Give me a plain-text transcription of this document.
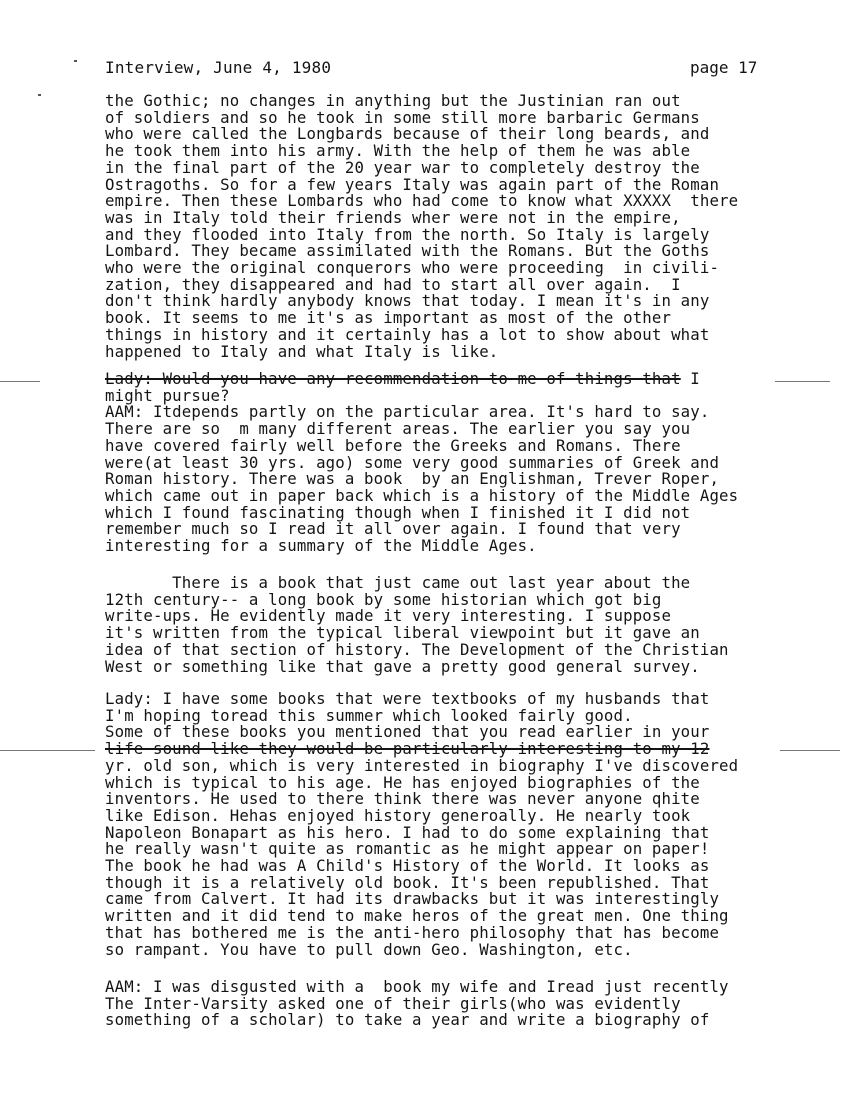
Interview, June 4, 1980	page 17
the Gothic; no changes in anything but the Justinian ran out
of soldiers and so he took in some still more barbaric Germans
who were called the Longbards because of their long beards, and
he took them into his army. With the help of them he was able
in the final part of the 20 year war to completely destroy the
Ostragoths. So for a few years Italy was again part of the Roman
empire. Then these Lombards who had come to know what XXXXX  there
was in Italy told their friends wher were not in the empire,
and they flooded into Italy from the north. So Italy is largely
Lombard. They became assimilated with the Romans. But the Goths
who were the original conquerors who were proceeding  in civili-
zation, they disappeared and had to start all over again.  I
don't think hardly anybody knows that today. I mean it's in any
book. It seems to me it's as important as most of the other
things in history and it certainly has a lot to show about what
happened to Italy and what Italy is like.
Lady: Would you have any recommendation to me of things that I
might pursue?
AAM: Itdepends partly on the particular area. It's hard to say.
There are so  m many different areas. The earlier you say you
have covered fairly well before the Greeks and Romans. There
were(at least 30 yrs. ago) some very good summaries of Greek and
Roman history. There was a book  by an Englishman, Trever Roper,
which came out in paper back which is a history of the Middle Ages
which I found fascinating though when I finished it I did not
remember much so I read it all over again. I found that very
interesting for a summary of the Middle Ages.
There is a book that just came out last year about the
12th century-- a long book by some historian which got big
write-ups. He evidently made it very interesting. I suppose
it's written from the typical liberal viewpoint but it gave an
idea of that section of history. The Development of the Christian
West or something like that gave a pretty good general survey.
Lady: I have some books that were textbooks of my husbands that
I'm hoping toread this summer which looked fairly good.
Some of these books you mentioned that you read earlier in your
life sound like they would be particularly interesting to my 12
yr. old son, which is very interested in biography I've discovered
which is typical to his age. He has enjoyed biographies of the
inventors. He used to there think there was never anyone qhite
like Edison. Hehas enjoyed history generoally. He nearly took
Napoleon Bonapart as his hero. I had to do some explaining that
he really wasn't quite as romantic as he might appear on paper!
The book he had was A Child's History of the World. It looks as
though it is a relatively old book. It's been republished. That
came from Calvert. It had its drawbacks but it was interestingly
written and it did tend to make heros of the great men. One thing
that has bothered me is the anti-hero philosophy that has become
so rampant. You have to pull down Geo. Washington, etc.
AAM: I was disgusted with a  book my wife and Iread just recently
The Inter-Varsity asked one of their girls(who was evidently
something of a scholar) to take a year and write a biography of
